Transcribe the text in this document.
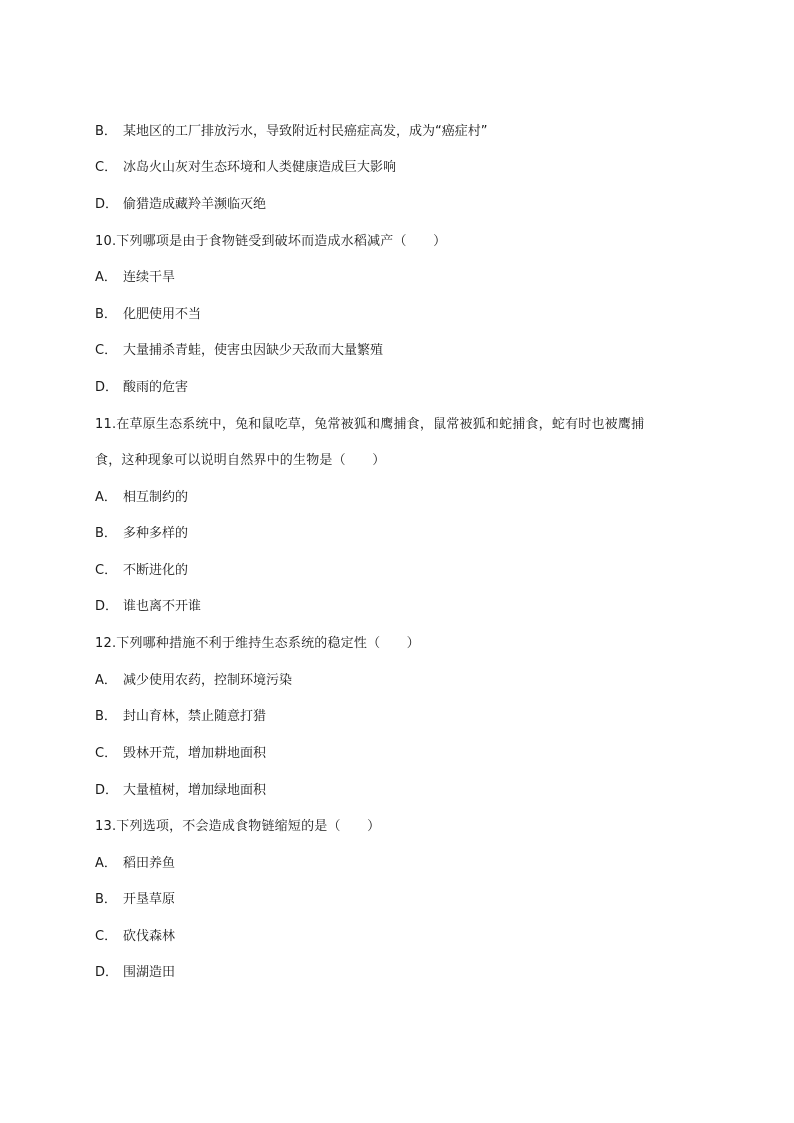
B． 某地区的工厂排放污水，导致附近村民癌症高发，成为“癌症村”
C． 冰岛火山灰对生态环境和人类健康造成巨大影响
D． 偷猎造成藏羚羊濒临灭绝
10.下列哪项是由于食物链受到破坏而造成水稻减产（　　）
A． 连续干旱
B． 化肥使用不当
C． 大量捕杀青蛙，使害虫因缺少天敌而大量繁殖
D． 酸雨的危害
11.在草原生态系统中，兔和鼠吃草，兔常被狐和鹰捕食，鼠常被狐和蛇捕食，蛇有时也被鹰捕
食，这种现象可以说明自然界中的生物是（　　）
A． 相互制约的
B． 多种多样的
C． 不断进化的
D． 谁也离不开谁
12.下列哪种措施不利于维持生态系统的稳定性（　　）
A． 减少使用农药，控制环境污染
B． 封山育林，禁止随意打猎
C． 毁林开荒，增加耕地面积
D． 大量植树，增加绿地面积
13.下列选项，不会造成食物链缩短的是（　　）
A． 稻田养鱼
B． 开垦草原
C． 砍伐森林
D． 围湖造田
